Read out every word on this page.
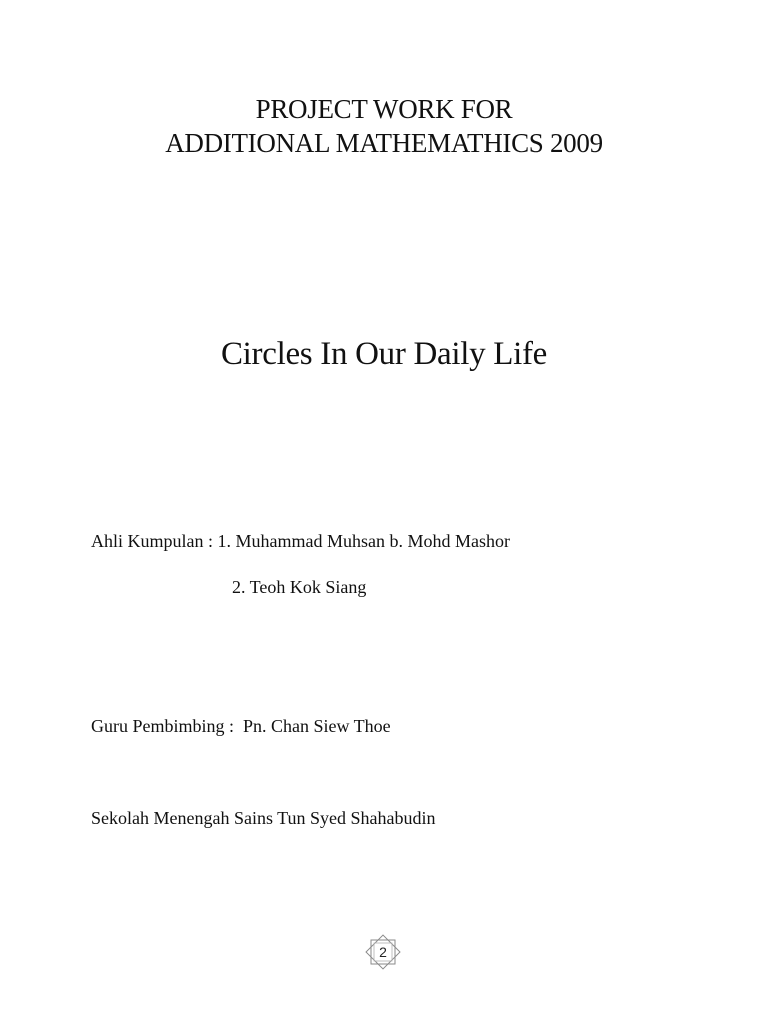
PROJECT WORK FOR
ADDITIONAL MATHEMATHICS 2009
Circles In Our Daily Life
Ahli Kumpulan : 1. Muhammad Muhsan b. Mohd Mashor
2. Teoh Kok Siang
Guru Pembimbing : Pn. Chan Siew Thoe
Sekolah Menengah Sains Tun Syed Shahabudin
2
